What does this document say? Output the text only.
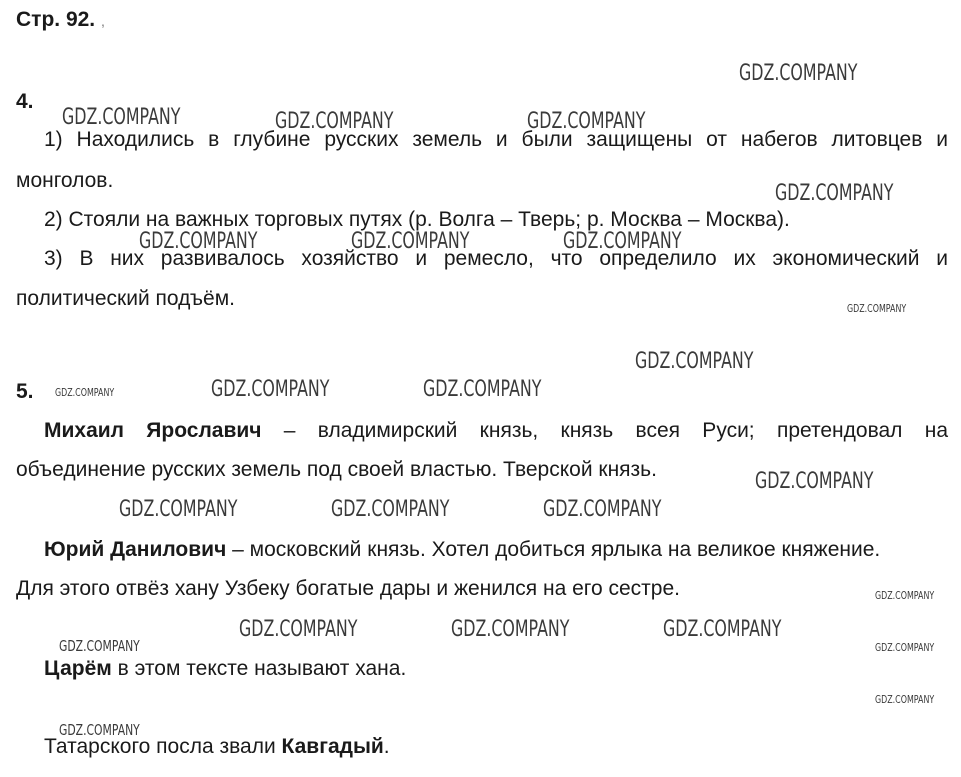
Стр. 92. ,
4.
1) Находились в глубине русских земель и были защищены от набегов литовцев и
монголов.
2) Стояли на важных торговых путях (р. Волга – Тверь; р. Москва – Москва).
3) В них развивалось хозяйство и ремесло, что определило их экономический и
политический подъём.
5.
Михаил Ярославич – владимирский князь, князь всея Руси; претендовал на
объединение русских земель под своей властью. Тверской князь.
Юрий Данилович – московский князь. Хотел добиться ярлыка на великое княжение.
Для этого отвёз хану Узбеку богатые дары и женился на его сестре.
Царём в этом тексте называют хана.
Татарского посла звали Кавгадый.
GDZ.COMPANY
GDZ.COMPANY	GDZ.COMPANY	GDZ.COMPANY
GDZ.COMPANY
GDZ.COMPANY	GDZ.COMPANY	GDZ.COMPANY
GDZ.COMPANY
GDZ.COMPANY
GDZ.COMPANY	GDZ.COMPANY	GDZ.COMPANY
GDZ.COMPANY
GDZ.COMPANY	GDZ.COMPANY	GDZ.COMPANY
GDZ.COMPANY
GDZ.COMPANY	GDZ.COMPANY	GDZ.COMPANY
GDZ.COMPANY	GDZ.COMPANY
GDZ.COMPANY
GDZ.COMPANY
